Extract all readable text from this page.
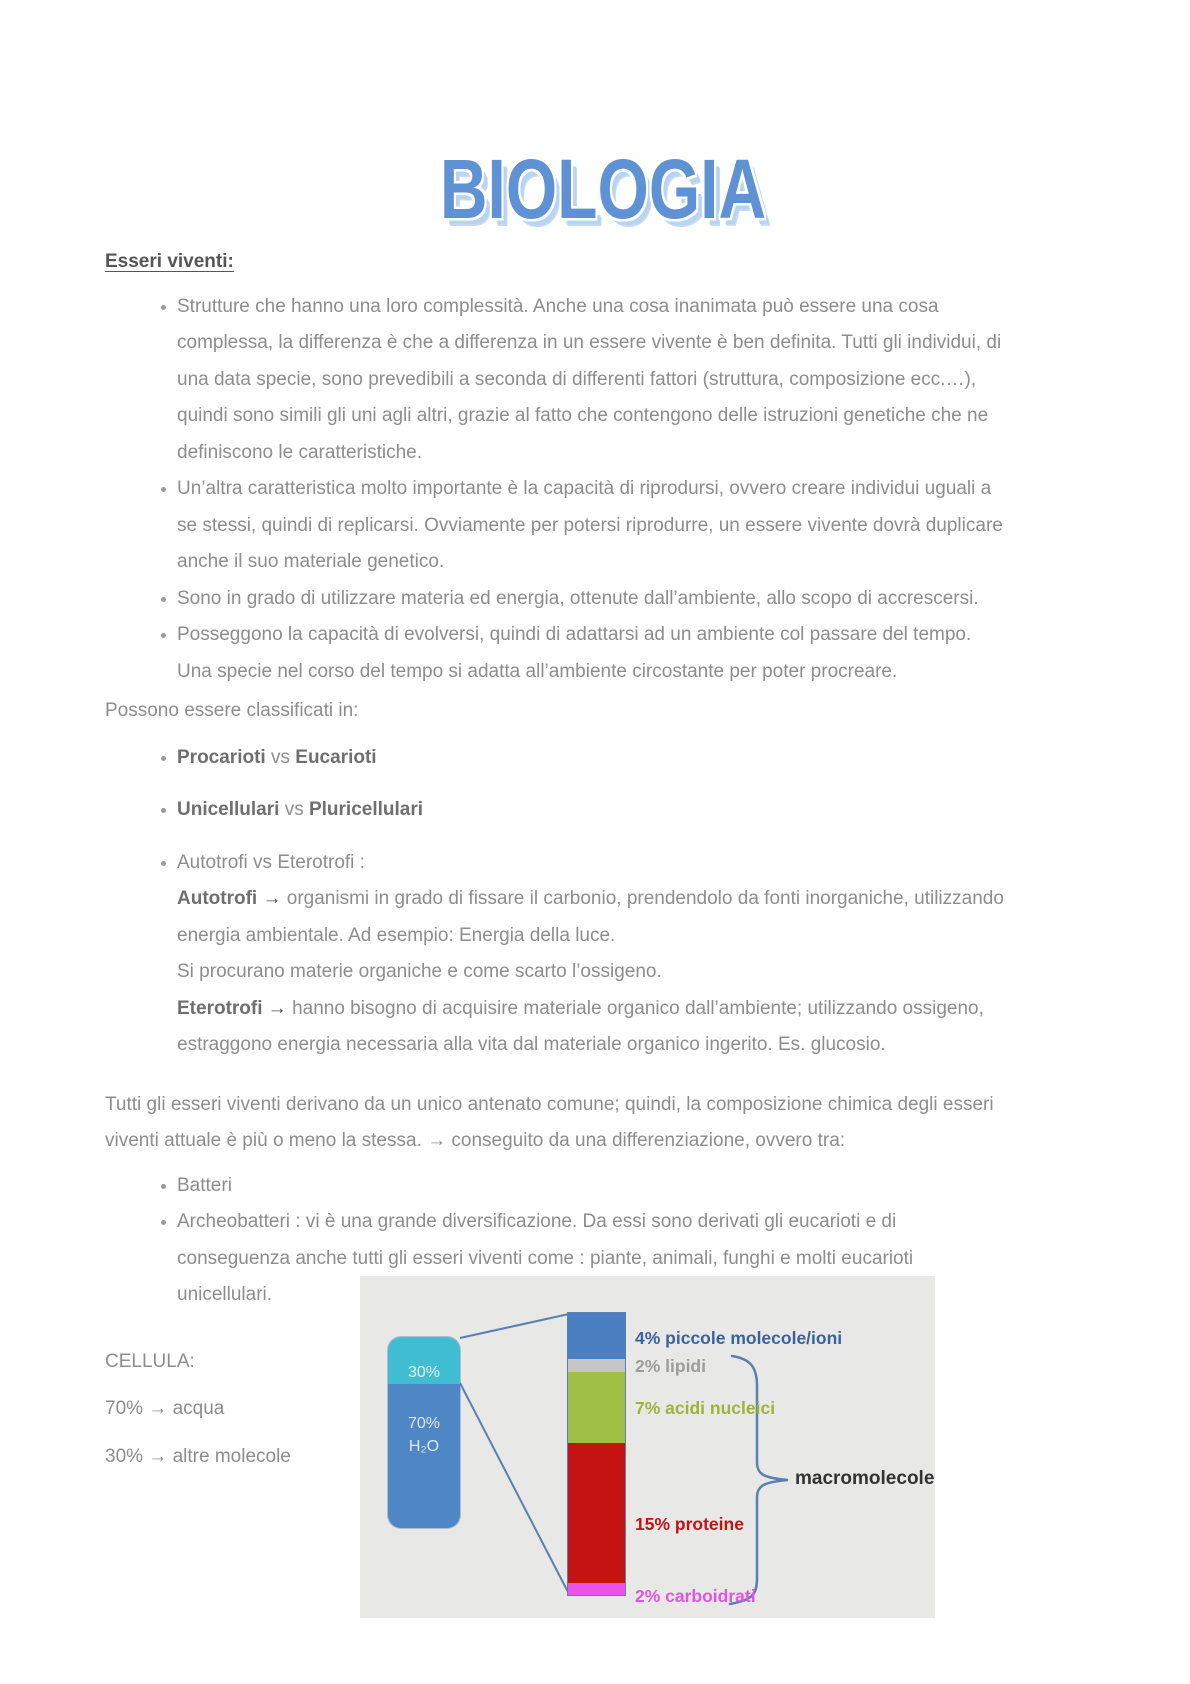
BIOLOGIA
Esseri viventi:
• Strutture che hanno una loro complessità. Anche una cosa inanimata può essere una cosa complessa, la differenza è che a differenza in un essere vivente è ben definita. Tutti gli individui, di una data specie, sono prevedibili a seconda di differenti fattori (struttura, composizione ecc.…), quindi sono simili gli uni agli altri, grazie al fatto che contengono delle istruzioni genetiche che ne definiscono le caratteristiche.
• Un’altra caratteristica molto importante è la capacità di riprodursi, ovvero creare individui uguali a se stessi, quindi di replicarsi. Ovviamente per potersi riprodurre, un essere vivente dovrà duplicare anche il suo materiale genetico.
• Sono in grado di utilizzare materia ed energia, ottenute dall’ambiente, allo scopo di accrescersi.
• Posseggono la capacità di evolversi, quindi di adattarsi ad un ambiente col passare del tempo.
Una specie nel corso del tempo si adatta all’ambiente circostante per poter procreare.

Possono essere classificati in:

• Procarioti vs Eucarioti
• Unicellulari vs Pluricellulari
• Autotrofi vs Eterotrofi :
Autotrofi → organismi in grado di fissare il carbonio, prendendolo da fonti inorganiche, utilizzando energia ambientale. Ad esempio: Energia della luce.
Si procurano materie organiche e come scarto l’ossigeno.
Eterotrofi → hanno bisogno di acquisire materiale organico dall’ambiente; utilizzando ossigeno, estraggono energia necessaria alla vita dal materiale organico ingerito. Es. glucosio.

Tutti gli esseri viventi derivano da un unico antenato comune; quindi, la composizione chimica degli esseri viventi attuale è più o meno la stessa. → conseguito da una differenziazione, ovvero tra:

• Batteri
• Archeobatteri : vi è una grande diversificazione. Da essi sono derivati gli eucarioti e di conseguenza anche tutti gli esseri viventi come : piante, animali, funghi e molti eucarioti unicellulari.

CELLULA:

70% → acqua

30% → altre molecole

30%
70%
H₂O
4% piccole molecole/ioni
2% lipidi
7% acidi nucleici
15% proteine
2% carboidrati
macromolecole
